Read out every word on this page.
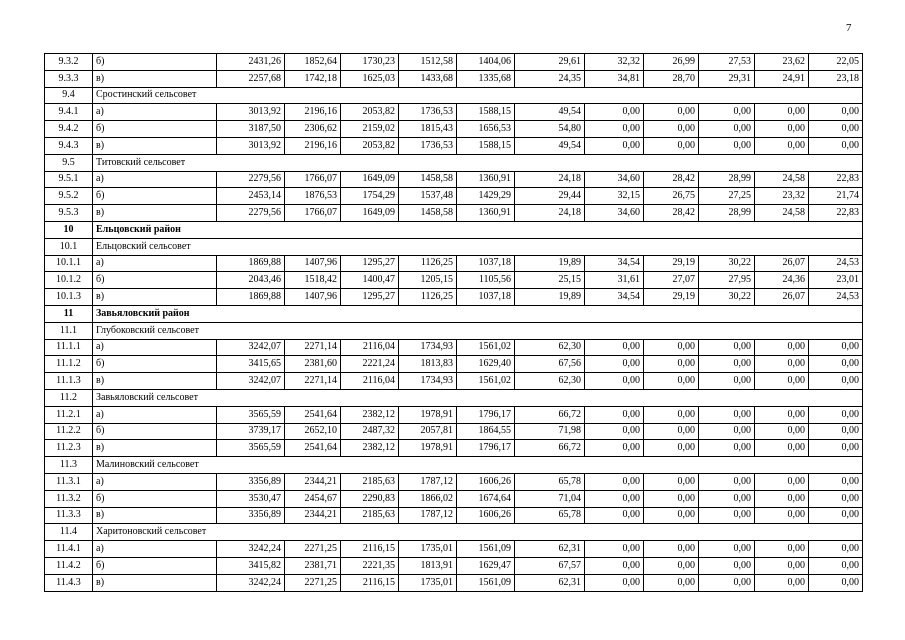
7
9.3.2	б)	2431,26	1852,64	1730,23	1512,58	1404,06	29,61	32,32	26,99	27,53	23,62	22,05
9.3.3	в)	2257,68	1742,18	1625,03	1433,68	1335,68	24,35	34,81	28,70	29,31	24,91	23,18
9.4	Сростинский сельсовет											
9.4.1	а)	3013,92	2196,16	2053,82	1736,53	1588,15	49,54	0,00	0,00	0,00	0,00	0,00
9.4.2	б)	3187,50	2306,62	2159,02	1815,43	1656,53	54,80	0,00	0,00	0,00	0,00	0,00
9.4.3	в)	3013,92	2196,16	2053,82	1736,53	1588,15	49,54	0,00	0,00	0,00	0,00	0,00
9.5	Титовский сельсовет											
9.5.1	а)	2279,56	1766,07	1649,09	1458,58	1360,91	24,18	34,60	28,42	28,99	24,58	22,83
9.5.2	б)	2453,14	1876,53	1754,29	1537,48	1429,29	29,44	32,15	26,75	27,25	23,32	21,74
9.5.3	в)	2279,56	1766,07	1649,09	1458,58	1360,91	24,18	34,60	28,42	28,99	24,58	22,83
10	Ельцовский район											
10.1	Ельцовский сельсовет											
10.1.1	а)	1869,88	1407,96	1295,27	1126,25	1037,18	19,89	34,54	29,19	30,22	26,07	24,53
10.1.2	б)	2043,46	1518,42	1400,47	1205,15	1105,56	25,15	31,61	27,07	27,95	24,36	23,01
10.1.3	в)	1869,88	1407,96	1295,27	1126,25	1037,18	19,89	34,54	29,19	30,22	26,07	24,53
11	Завьяловский район											
11.1	Глубоковский сельсовет											
11.1.1	а)	3242,07	2271,14	2116,04	1734,93	1561,02	62,30	0,00	0,00	0,00	0,00	0,00
11.1.2	б)	3415,65	2381,60	2221,24	1813,83	1629,40	67,56	0,00	0,00	0,00	0,00	0,00
11.1.3	в)	3242,07	2271,14	2116,04	1734,93	1561,02	62,30	0,00	0,00	0,00	0,00	0,00
11.2	Завьяловский сельсовет											
11.2.1	а)	3565,59	2541,64	2382,12	1978,91	1796,17	66,72	0,00	0,00	0,00	0,00	0,00
11.2.2	б)	3739,17	2652,10	2487,32	2057,81	1864,55	71,98	0,00	0,00	0,00	0,00	0,00
11.2.3	в)	3565,59	2541,64	2382,12	1978,91	1796,17	66,72	0,00	0,00	0,00	0,00	0,00
11.3	Малиновский сельсовет											
11.3.1	а)	3356,89	2344,21	2185,63	1787,12	1606,26	65,78	0,00	0,00	0,00	0,00	0,00
11.3.2	б)	3530,47	2454,67	2290,83	1866,02	1674,64	71,04	0,00	0,00	0,00	0,00	0,00
11.3.3	в)	3356,89	2344,21	2185,63	1787,12	1606,26	65,78	0,00	0,00	0,00	0,00	0,00
11.4	Харитоновский сельсовет											
11.4.1	а)	3242,24	2271,25	2116,15	1735,01	1561,09	62,31	0,00	0,00	0,00	0,00	0,00
11.4.2	б)	3415,82	2381,71	2221,35	1813,91	1629,47	67,57	0,00	0,00	0,00	0,00	0,00
11.4.3	в)	3242,24	2271,25	2116,15	1735,01	1561,09	62,31	0,00	0,00	0,00	0,00	0,00
